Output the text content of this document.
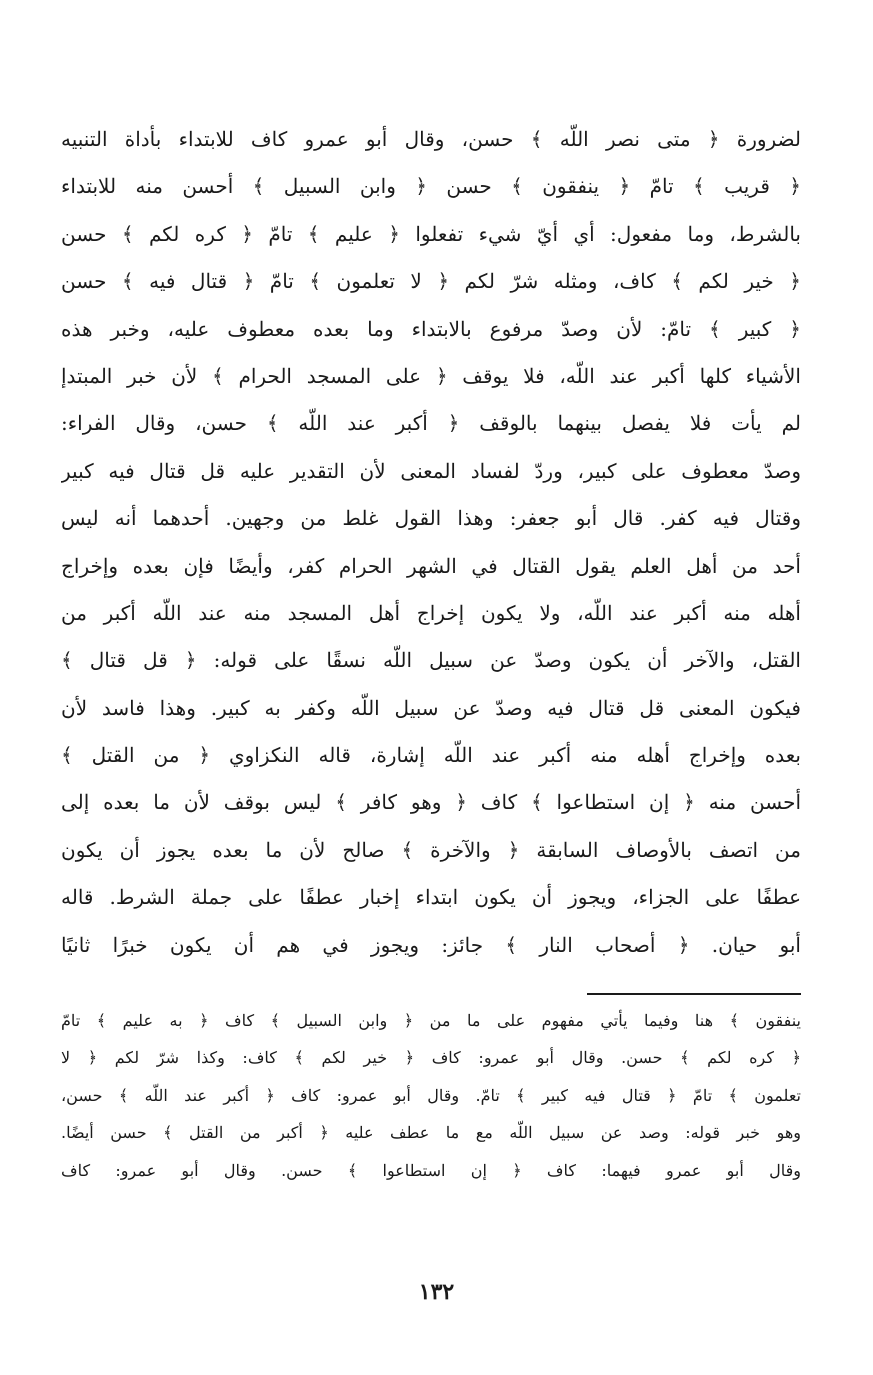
لضرورة ﴿ متى نصر اللّه ﴾ حسن، وقال أبو عمرو كاف للابتداء بأداة التنبيه
﴿ قريب ﴾ تامّ ﴿ ينفقون ﴾ حسن ﴿ وابن السبيل ﴾ أحسن منه للابتداء
بالشرط، وما مفعول: أي أيّ شيء تفعلوا ﴿ عليم ﴾ تامّ ﴿ كره لكم ﴾ حسن
﴿ خير لكم ﴾ كاف، ومثله شرّ لكم ﴿ لا تعلمون ﴾ تامّ ﴿ قتال فيه ﴾ حسن
﴿ كبير ﴾ تامّ: لأن وصدّ مرفوع بالابتداء وما بعده معطوف عليه، وخبر هذه
الأشياء كلها أكبر عند اللّه، فلا يوقف ﴿ على المسجد الحرام ﴾ لأن خبر المبتدإ
لم يأت فلا يفصل بينهما بالوقف ﴿ أكبر عند اللّه ﴾ حسن، وقال الفراء:
وصدّ معطوف على كبير، وردّ لفساد المعنى لأن التقدير عليه قل قتال فيه كبير
وقتال فيه كفر. قال أبو جعفر: وهذا القول غلط من وجهين. أحدهما أنه ليس
أحد من أهل العلم يقول القتال في الشهر الحرام كفر، وأيضًا فإن بعده وإخراج
أهله منه أكبر عند اللّه، ولا يكون إخراج أهل المسجد منه عند اللّه أكبر من
القتل، والآخر أن يكون وصدّ عن سبيل اللّه نسقًا على قوله: ﴿ قل قتال ﴾
فيكون المعنى قل قتال فيه وصدّ عن سبيل اللّه وكفر به كبير. وهذا فاسد لأن
بعده وإخراج أهله منه أكبر عند اللّه إشارة، قاله النكزاوي ﴿ من القتل ﴾
أحسن منه ﴿ إن استطاعوا ﴾ كاف ﴿ وهو كافر ﴾ ليس بوقف لأن ما بعده إلى
من اتصف بالأوصاف السابقة ﴿ والآخرة ﴾ صالح لأن ما بعده يجوز أن يكون
عطفًا على الجزاء، ويجوز أن يكون ابتداء إخبار عطفًا على جملة الشرط. قاله
أبو حيان. ﴿ أصحاب النار ﴾ جائز: ويجوز في هم أن يكون خبرًا ثانيًا
ينفقون ﴾ هنا وفيما يأتي مفهوم على ما من ﴿ وابن السبيل ﴾ كاف ﴿ به عليم ﴾ تامّ
﴿ كره لكم ﴾ حسن. وقال أبو عمرو: كاف ﴿ خير لكم ﴾ كاف: وكذا شرّ لكم ﴿ لا
تعلمون ﴾ تامّ ﴿ قتال فيه كبير ﴾ تامّ. وقال أبو عمرو: كاف ﴿ أكبر عند اللّه ﴾ حسن،
وهو خبر قوله: وصد عن سبيل اللّه مع ما عطف عليه ﴿ أكبر من القتل ﴾ حسن أيضًا.
وقال أبو عمرو فيهما: كاف ﴿ إن استطاعوا ﴾ حسن. وقال أبو عمرو: كاف
١٣٢
